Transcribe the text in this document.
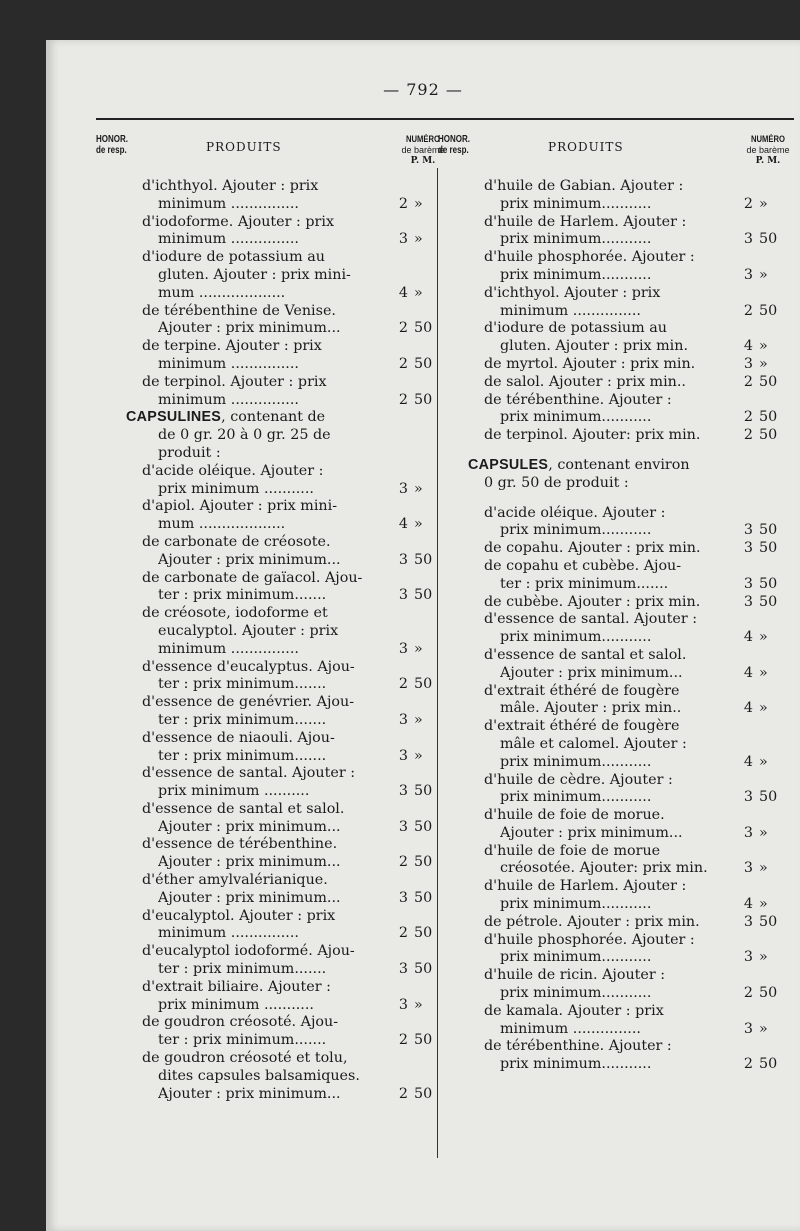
— 792 —
HONOR.
de resp.	PRODUITS
NUMÉRO
de barème
P. M.
d'ichthyol. Ajouter : prix
minimum ...............	2 »
d'iodoforme. Ajouter : prix
minimum ...............	3 »
d'iodure de potassium au
gluten. Ajouter : prix mini-
mum ...................	4 »
de térébenthine de Venise.
Ajouter : prix minimum...	2 50
de terpine. Ajouter : prix
minimum ...............	2 50
de terpinol. Ajouter : prix
minimum ...............	2 50
CAPSULINES, contenant de
de 0 gr. 20 à 0 gr. 25 de
produit :
d'acide oléique. Ajouter :
prix minimum ...........	3 »
d'apiol. Ajouter : prix mini-
mum ...................	4 »
de carbonate de créosote.
Ajouter : prix minimum...	3 50
de carbonate de gaïacol. Ajou-
ter : prix minimum.......	3 50
de créosote, iodoforme et
eucalyptol. Ajouter : prix
minimum ...............	3 »
d'essence d'eucalyptus. Ajou-
ter : prix minimum.......	2 50
d'essence de genévrier. Ajou-
ter : prix minimum.......	3 »
d'essence de niaouli. Ajou-
ter : prix minimum.......	3 »
d'essence de santal. Ajouter :
prix minimum ..........	3 50
d'essence de santal et salol.
Ajouter : prix minimum...	3 50
d'essence de térébenthine.
Ajouter : prix minimum...	2 50
d'éther amylvalérianique.
Ajouter : prix minimum...	3 50
d'eucalyptol. Ajouter : prix
minimum ...............	2 50
d'eucalyptol iodoformé. Ajou-
ter : prix minimum.......	3 50
d'extrait biliaire. Ajouter :
prix minimum ...........	3 »
de goudron créosoté. Ajou-
ter : prix minimum.......	2 50
de goudron créosoté et tolu,
dites capsules balsamiques.
Ajouter : prix minimum...	2 50
HONOR.
de resp.	PRODUITS
NUMÉRO
de barème
P. M.
d'huile de Gabian. Ajouter :
prix minimum...........	2 »
d'huile de Harlem. Ajouter :
prix minimum...........	3 50
d'huile phosphorée. Ajouter :
prix minimum...........	3 »
d'ichthyol. Ajouter : prix
minimum ...............	2 50
d'iodure de potassium au
gluten. Ajouter : prix min.	4 »
de myrtol. Ajouter : prix min.	3 »
de salol. Ajouter : prix min..	2 50
de térébenthine. Ajouter :
prix minimum...........	2 50
de terpinol. Ajouter: prix min.	2 50
CAPSULES, contenant environ
0 gr. 50 de produit :
d'acide oléique. Ajouter :
prix minimum...........	3 50
de copahu. Ajouter : prix min.	3 50
de copahu et cubèbe. Ajou-
ter : prix minimum.......	3 50
de cubèbe. Ajouter : prix min.	3 50
d'essence de santal. Ajouter :
prix minimum...........	4 »
d'essence de santal et salol.
Ajouter : prix minimum...	4 »
d'extrait éthéré de fougère
mâle. Ajouter : prix min..	4 »
d'extrait éthéré de fougère
mâle et calomel. Ajouter :
prix minimum...........	4 »
d'huile de cèdre. Ajouter :
prix minimum...........	3 50
d'huile de foie de morue.
Ajouter : prix minimum...	3 »
d'huile de foie de morue
créosotée. Ajouter: prix min.	3 »
d'huile de Harlem. Ajouter :
prix minimum...........	4 »
de pétrole. Ajouter : prix min.	3 50
d'huile phosphorée. Ajouter :
prix minimum...........	3 »
d'huile de ricin. Ajouter :
prix minimum...........	2 50
de kamala. Ajouter : prix
minimum ...............	3 »
de térébenthine. Ajouter :
prix minimum...........	2 50
